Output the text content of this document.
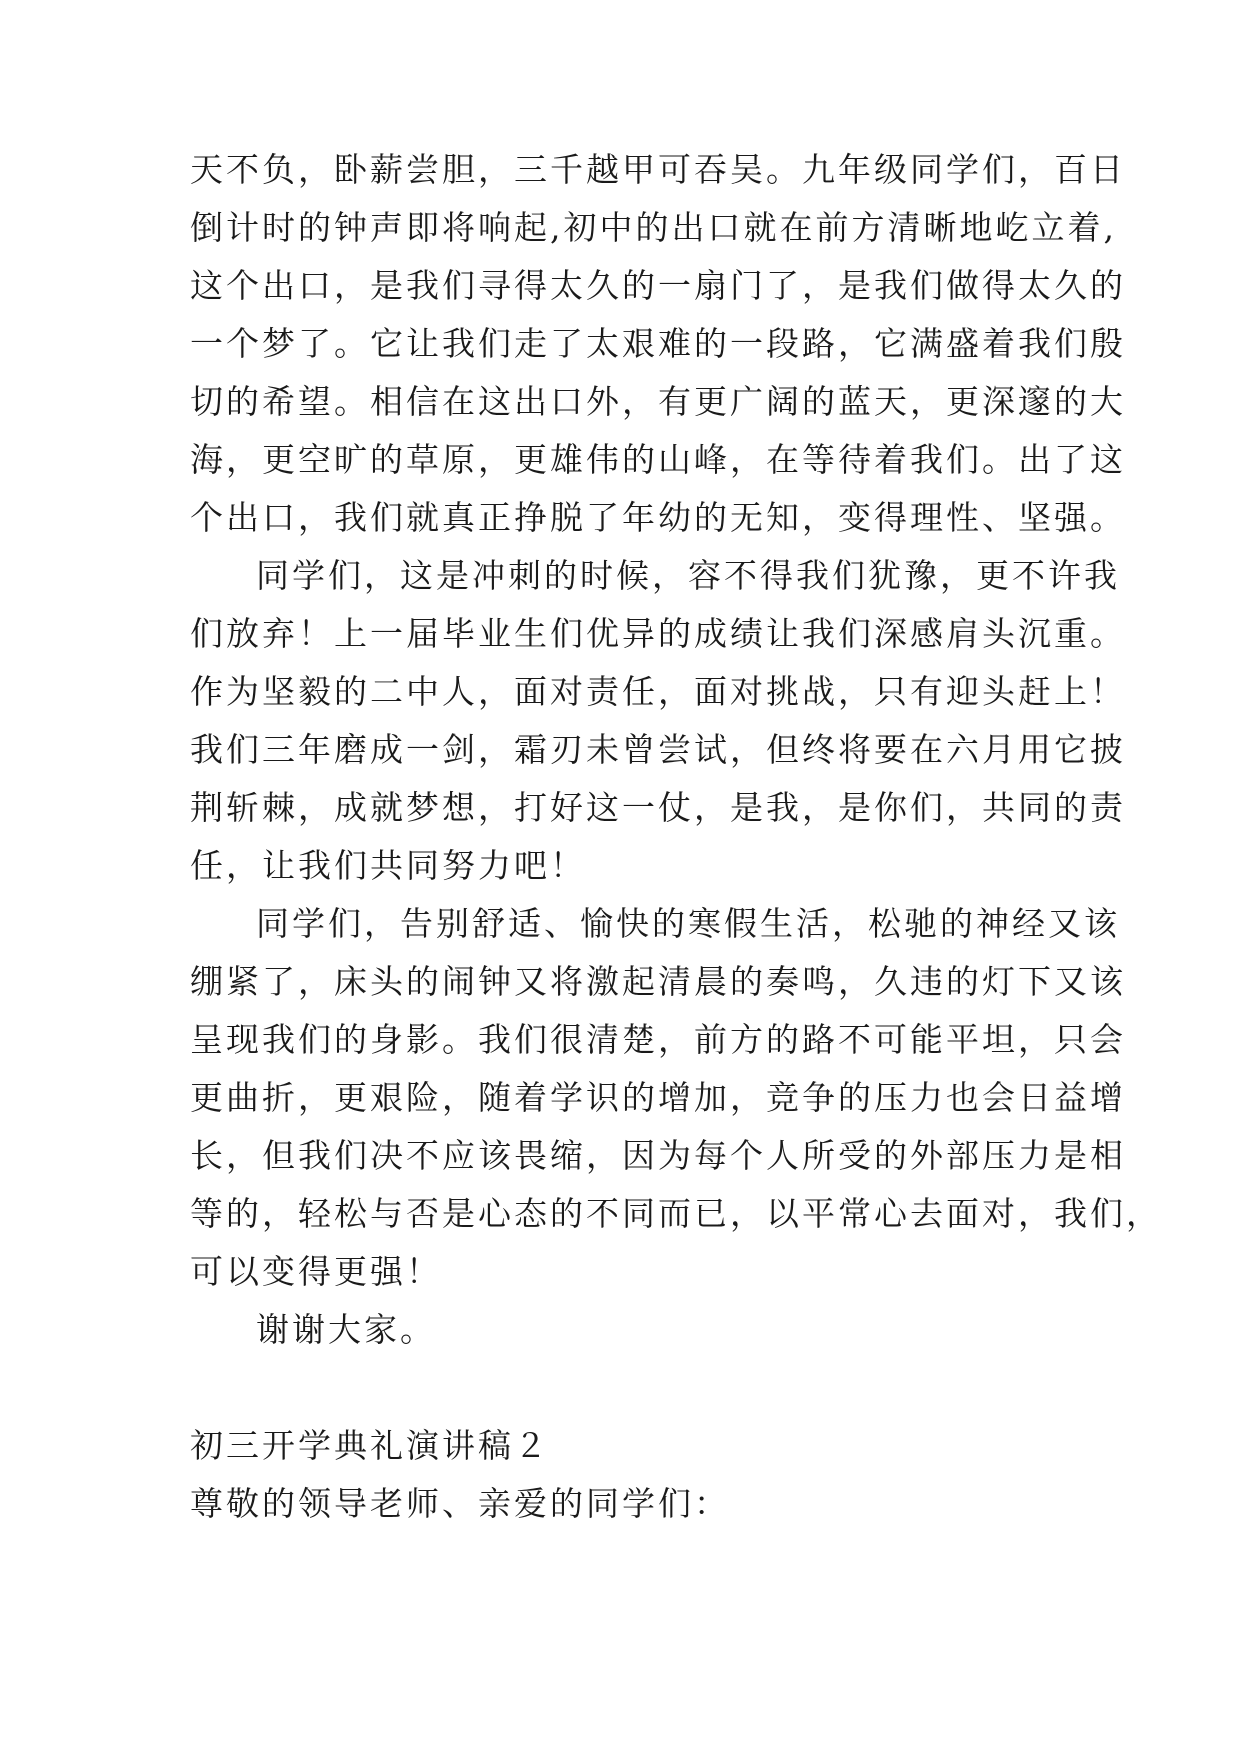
天不负，卧薪尝胆，三千越甲可吞吴。九年级同学们，百日
倒计时的钟声即将响起,初中的出口就在前方清晰地屹立着,
这个出口，是我们寻得太久的一扇门了，是我们做得太久的
一个梦了。它让我们走了太艰难的一段路，它满盛着我们殷
切的希望。相信在这出口外，有更广阔的蓝天，更深邃的大
海，更空旷的草原，更雄伟的山峰，在等待着我们。出了这
个出口，我们就真正挣脱了年幼的无知，变得理性、坚强。
同学们，这是冲刺的时候，容不得我们犹豫，更不许我
们放弃！上一届毕业生们优异的成绩让我们深感肩头沉重。
作为坚毅的二中人，面对责任，面对挑战，只有迎头赶上！
我们三年磨成一剑，霜刃未曾尝试，但终将要在六月用它披
荆斩棘，成就梦想，打好这一仗，是我，是你们，共同的责
任，让我们共同努力吧！
同学们，告别舒适、愉快的寒假生活，松驰的神经又该
绷紧了，床头的闹钟又将激起清晨的奏鸣，久违的灯下又该
呈现我们的身影。我们很清楚，前方的路不可能平坦，只会
更曲折，更艰险，随着学识的增加，竞争的压力也会日益增
长，但我们决不应该畏缩，因为每个人所受的外部压力是相
等的，轻松与否是心态的不同而已，以平常心去面对，我们，
可以变得更强！
谢谢大家。
初三开学典礼演讲稿２
尊敬的领导老师、亲爱的同学们：
